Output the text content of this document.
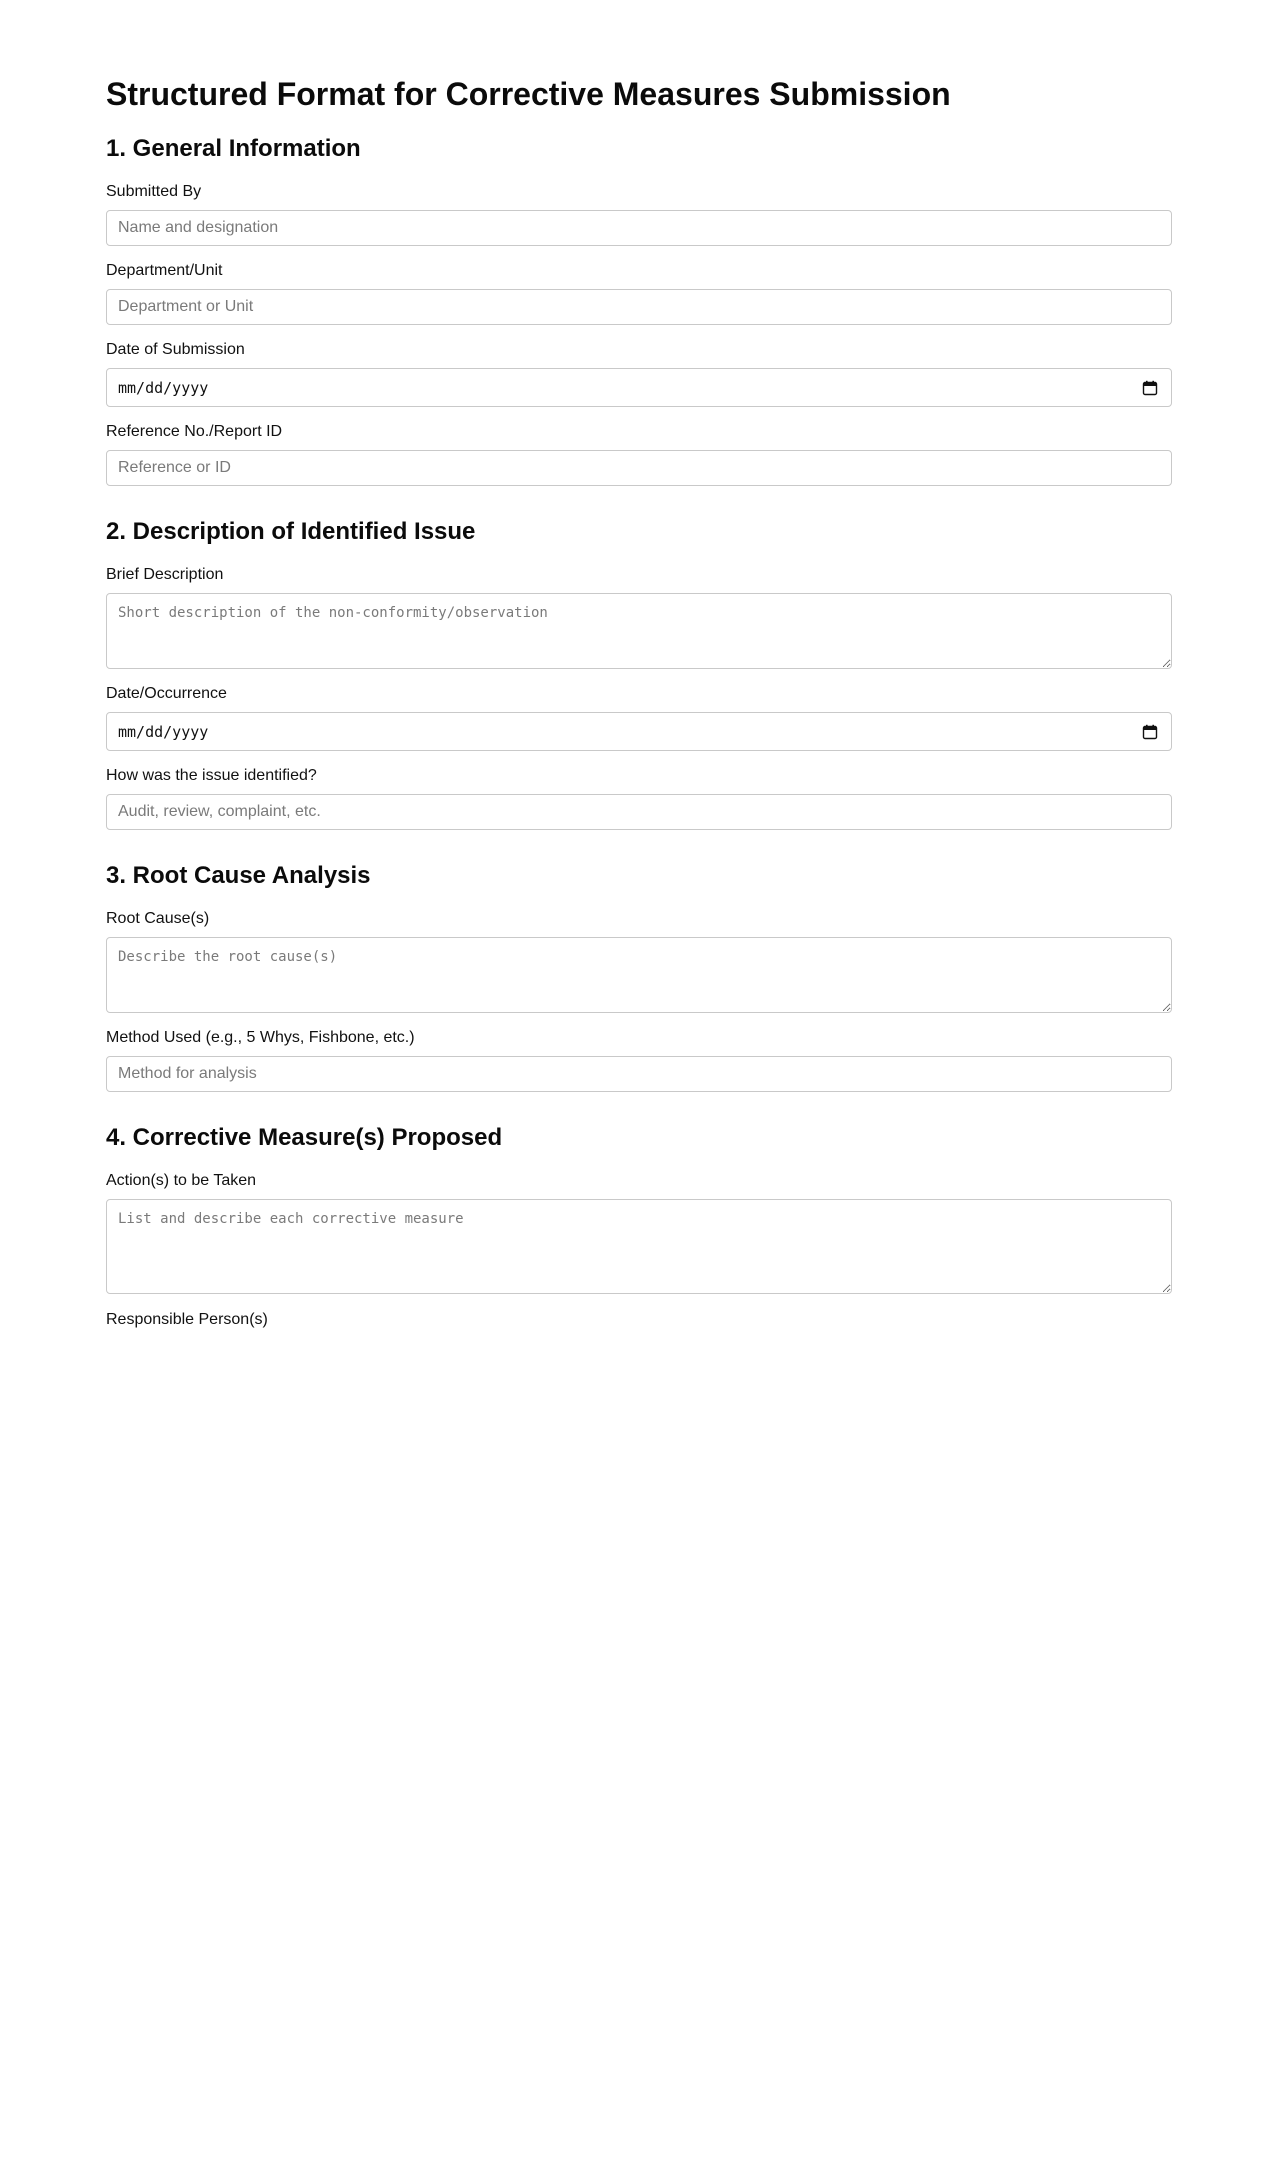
Structured Format for Corrective Measures Submission
1. General Information
Submitted By
Name and designation
Department/Unit
Department or Unit
Date of Submission
mm/dd/yyyy
Reference No./Report ID
Reference or ID
2. Description of Identified Issue
Brief Description
Short description of the non-conformity/observation
Date/Occurrence
mm/dd/yyyy
How was the issue identified?
Audit, review, complaint, etc.
3. Root Cause Analysis
Root Cause(s)
Describe the root cause(s)
Method Used (e.g., 5 Whys, Fishbone, etc.)
Method for analysis
4. Corrective Measure(s) Proposed
Action(s) to be Taken
List and describe each corrective measure
Responsible Person(s)
